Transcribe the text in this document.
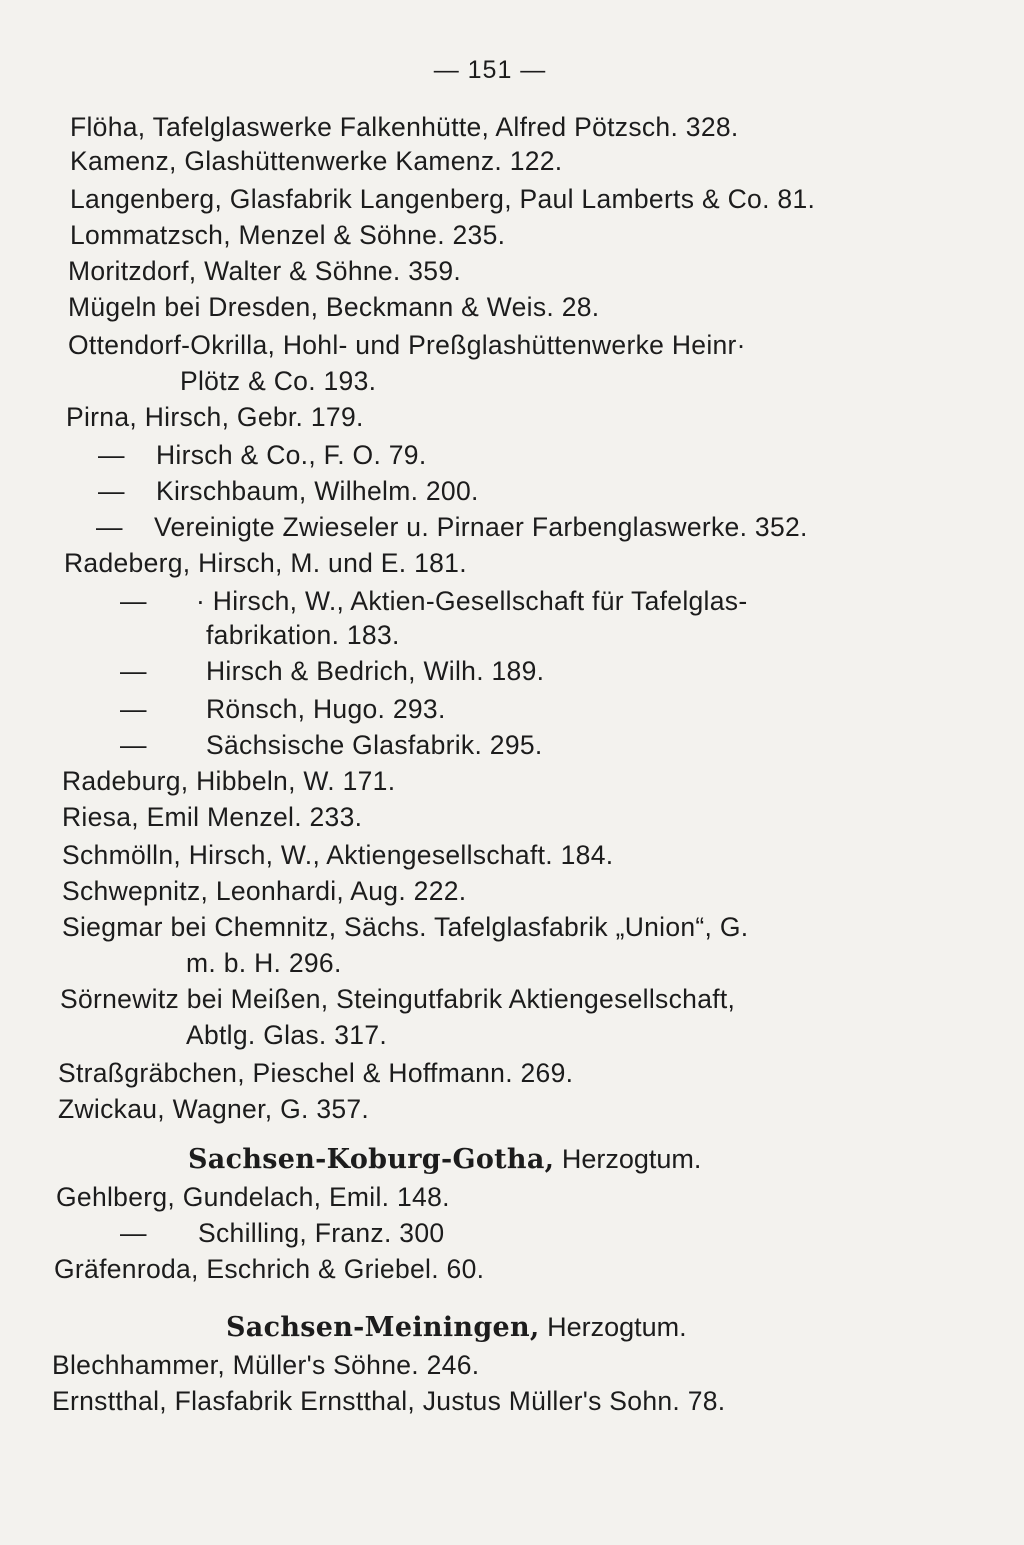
— 151 —
Flöha, Tafelglaswerke Falkenhütte, Alfred Pötzsch. 328.
Kamenz, Glashüttenwerke Kamenz. 122.
Langenberg, Glasfabrik Langenberg, Paul Lamberts & Co. 81.
Lommatzsch, Menzel & Söhne. 235.
Moritzdorf, Walter & Söhne. 359.
Mügeln bei Dresden, Beckmann & Weis. 28.
Ottendorf-Okrilla, Hohl- und Preßglashüttenwerke Heinr·
Plötz & Co. 193.
Pirna, Hirsch, Gebr. 179.
— Hirsch & Co., F. O. 79.
— Kirschbaum, Wilhelm. 200.
— Vereinigte Zwieseler u. Pirnaer Farbenglaswerke. 352.
Radeberg, Hirsch, M. und E. 181.
— · Hirsch, W., Aktien-Gesellschaft für Tafelglas-
fabrikation. 183.
— Hirsch & Bedrich, Wilh. 189.
— Rönsch, Hugo. 293.
— Sächsische Glasfabrik. 295.
Radeburg, Hibbeln, W. 171.
Riesa, Emil Menzel. 233.
Schmölln, Hirsch, W., Aktiengesellschaft. 184.
Schwepnitz, Leonhardi, Aug. 222.
Siegmar bei Chemnitz, Sächs. Tafelglasfabrik „Union“, G.
m. b. H. 296.
Sörnewitz bei Meißen, Steingutfabrik Aktiengesellschaft,
Abtlg. Glas. 317.
Straßgräbchen, Pieschel & Hoffmann. 269.
Zwickau, Wagner, G. 357.
Sachsen-Koburg-Gotha, Herzogtum.
Gehlberg, Gundelach, Emil. 148.
— Schilling, Franz. 300
Gräfenroda, Eschrich & Griebel. 60.
Sachsen-Meiningen, Herzogtum.
Blechhammer, Müller's Söhne. 246.
Ernstthal, Flasfabrik Ernstthal, Justus Müller's Sohn. 78.
